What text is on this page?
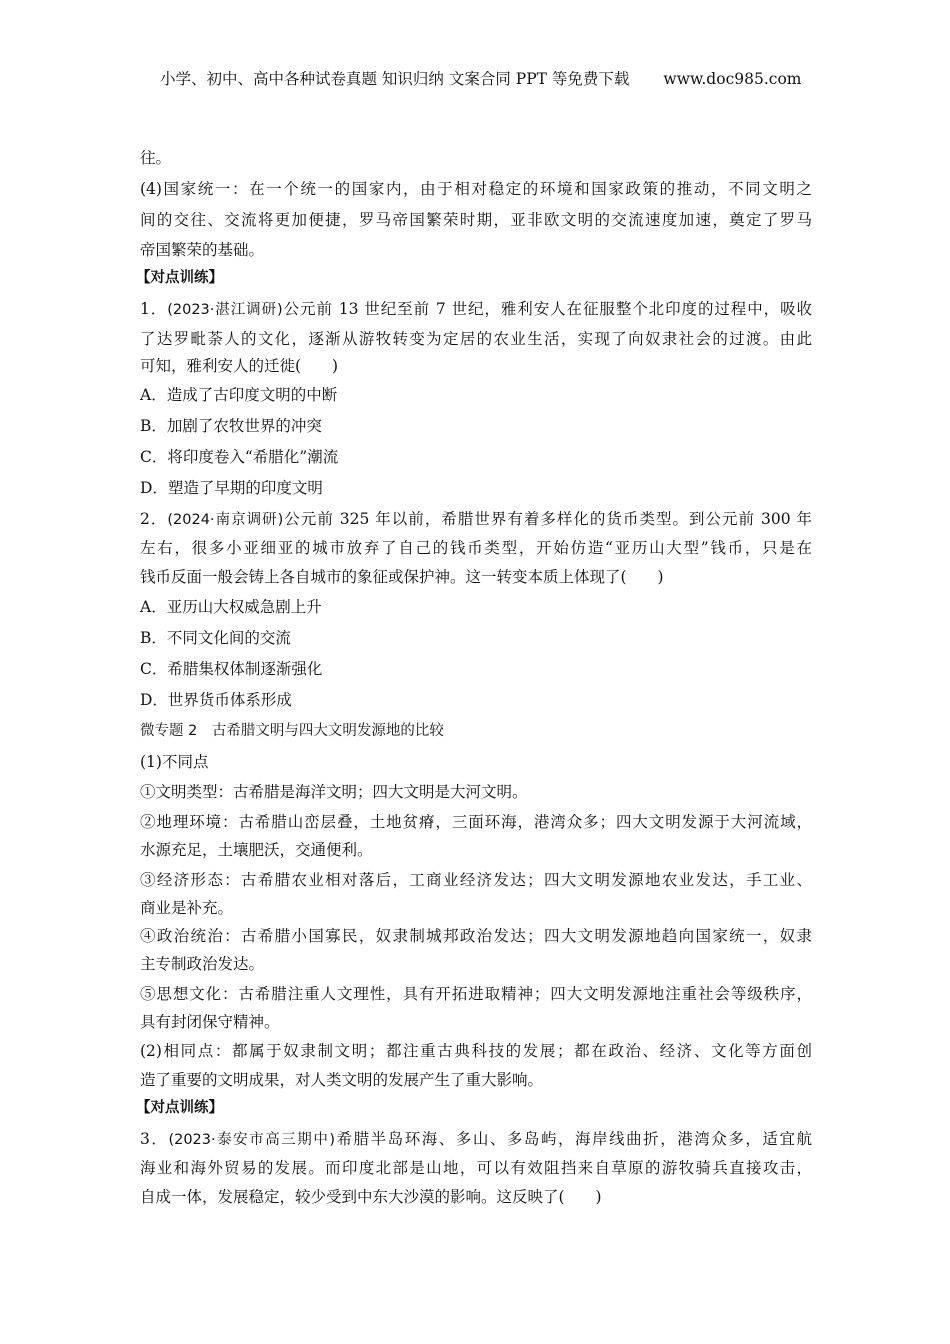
小学、初中、高中各种试卷真题 知识归纳 文案合同 PPT 等免费下载 www.doc985.com
往。
(4)国家统一：在一个统一的国家内，由于相对稳定的环境和国家政策的推动，不同文明之
间的交往、交流将更加便捷，罗马帝国繁荣时期，亚非欧文明的交流速度加速，奠定了罗马
帝国繁荣的基础。
【对点训练】
1．(2023·湛江调研)公元前 13 世纪至前 7 世纪，雅利安人在征服整个北印度的过程中，吸收
了达罗毗荼人的文化，逐渐从游牧转变为定居的农业生活，实现了向奴隶社会的过渡。由此
可知，雅利安人的迁徙(　　)
A．造成了古印度文明的中断
B．加剧了农牧世界的冲突
C．将印度卷入“希腊化”潮流
D．塑造了早期的印度文明
2．(2024·南京调研)公元前 325 年以前，希腊世界有着多样化的货币类型。到公元前 300 年
左右，很多小亚细亚的城市放弃了自己的钱币类型，开始仿造“亚历山大型”钱币，只是在
钱币反面一般会铸上各自城市的象征或保护神。这一转变本质上体现了(　　)
A．亚历山大权威急剧上升
B．不同文化间的交流
C．希腊集权体制逐渐强化
D．世界货币体系形成
微专题 2　古希腊文明与四大文明发源地的比较
(1)不同点
①文明类型：古希腊是海洋文明；四大文明是大河文明。
②地理环境：古希腊山峦层叠，土地贫瘠，三面环海，港湾众多；四大文明发源于大河流域，
水源充足，土壤肥沃，交通便利。
③经济形态：古希腊农业相对落后，工商业经济发达；四大文明发源地农业发达，手工业、
商业是补充。
④政治统治：古希腊小国寡民，奴隶制城邦政治发达；四大文明发源地趋向国家统一，奴隶
主专制政治发达。
⑤思想文化：古希腊注重人文理性，具有开拓进取精神；四大文明发源地注重社会等级秩序，
具有封闭保守精神。
(2)相同点：都属于奴隶制文明；都注重古典科技的发展；都在政治、经济、文化等方面创
造了重要的文明成果，对人类文明的发展产生了重大影响。
【对点训练】
3．(2023·泰安市高三期中)希腊半岛环海、多山、多岛屿，海岸线曲折，港湾众多，适宜航
海业和海外贸易的发展。而印度北部是山地，可以有效阻挡来自草原的游牧骑兵直接攻击，
自成一体，发展稳定，较少受到中东大沙漠的影响。这反映了(　　)
